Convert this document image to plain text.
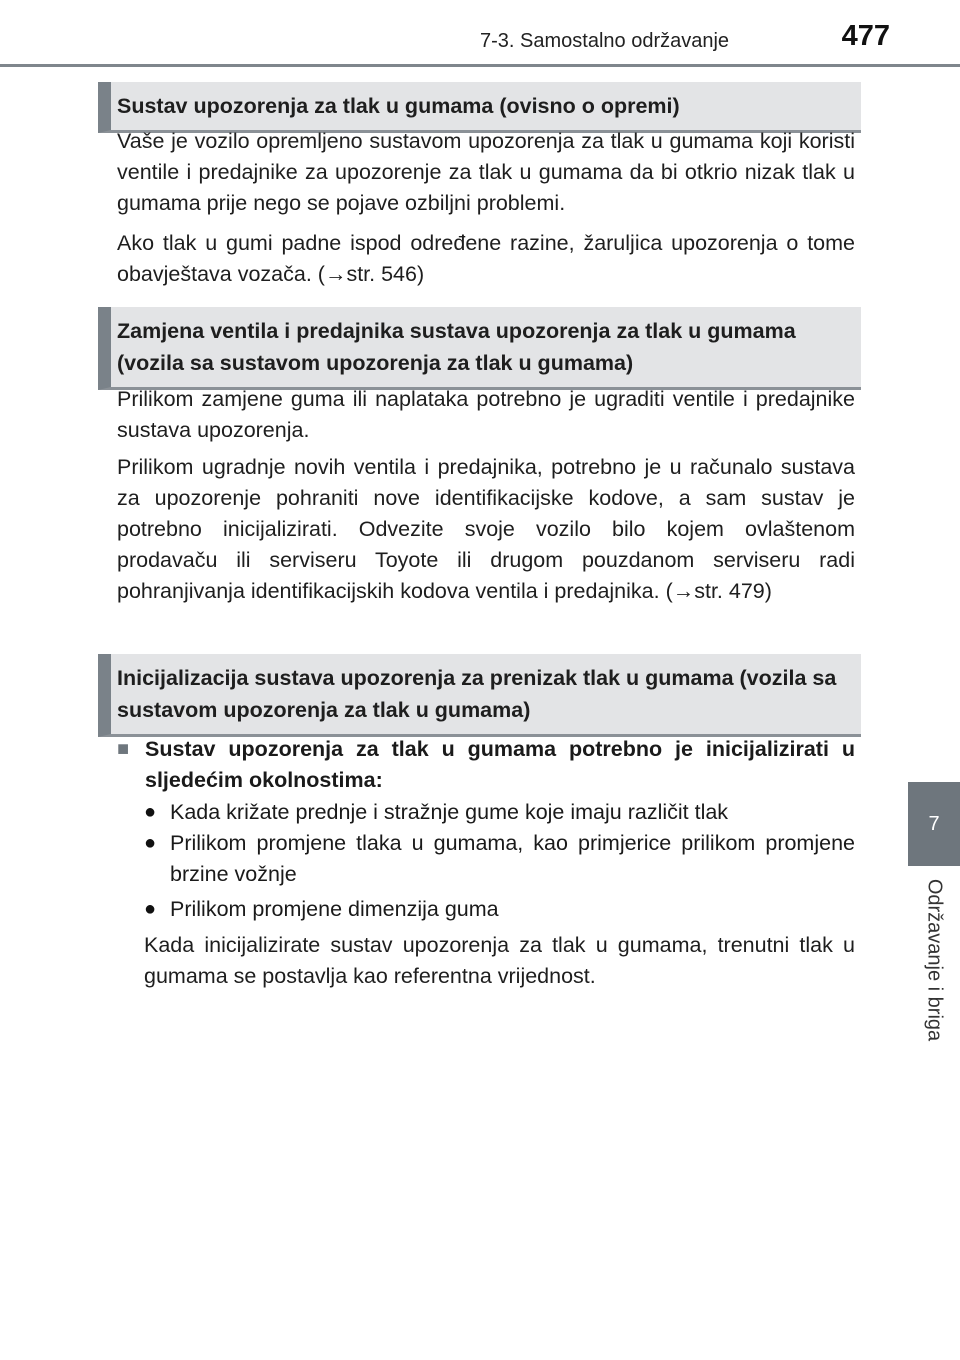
7-3. Samostalno održavanje	477
7
Održavanje i briga
Sustav upozorenja za tlak u gumama (ovisno o opremi)

Vaše je vozilo opremljeno sustavom upozorenja za tlak u gumama koji koristi ventile i predajnike za upozorenje za tlak u gumama da bi otkrio nizak tlak u gumama prije nego se pojave ozbiljni problemi.

Ako tlak u gumi padne ispod određene razine, žaruljica upozorenja o tome obavještava vozača. (→str. 546)

Zamjena ventila i predajnika sustava upozorenja za tlak u gumama (vozila sa sustavom upozorenja za tlak u gumama)

Prilikom zamjene guma ili naplataka potrebno je ugraditi ventile i predajnike sustava upozorenja.

Prilikom ugradnje novih ventila i predajnika, potrebno je u računalo sustava za upozorenje pohraniti nove identifikacijske kodove, a sam sustav je potrebno inicijalizirati. Odvezite svoje vozilo bilo kojem ovlaštenom prodavaču ili serviseru Toyote ili drugom pouzdanom serviseru radi pohranjivanja identifikacijskih kodova ventila i predajnika. (→str. 479)

Inicijalizacija sustava upozorenja za prenizak tlak u gumama (vozila sa sustavom upozorenja za tlak u gumama)
■ Sustav upozorenja za tlak u gumama potrebno je inicijalizirati u sljedećim okolnostima:
● Kada križate prednje i stražnje gume koje imaju različit tlak
● Prilikom promjene tlaka u gumama, kao primjerice prilikom promjene brzine vožnje
● Prilikom promjene dimenzija guma

Kada inicijalizirate sustav upozorenja za tlak u gumama, trenutni tlak u gumama se postavlja kao referentna vrijednost.
